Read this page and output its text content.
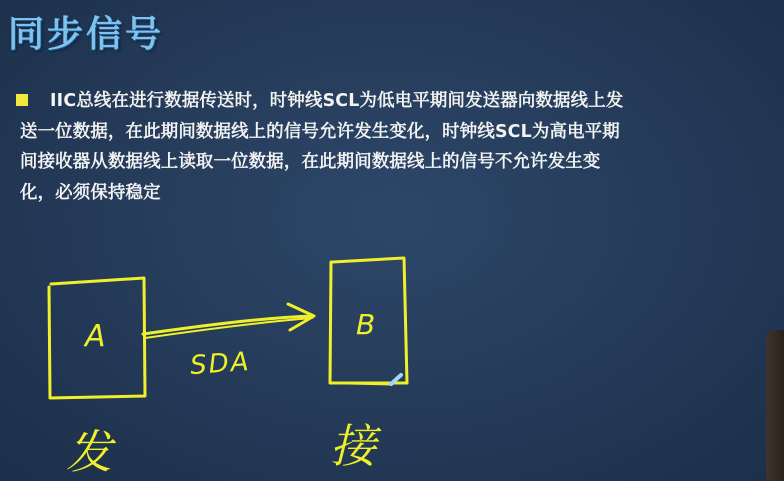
同步信号

IIC总线在进行数据传送时，时钟线SCL为低电平期间发送器向数据线上发
送一位数据，在此期间数据线上的信号允许发生变化，时钟线SCL为高电平期
间接收器从数据线上读取一位数据，在此期间数据线上的信号不允许发生变
化，必须保持稳定

A	B
SDA
发	接
